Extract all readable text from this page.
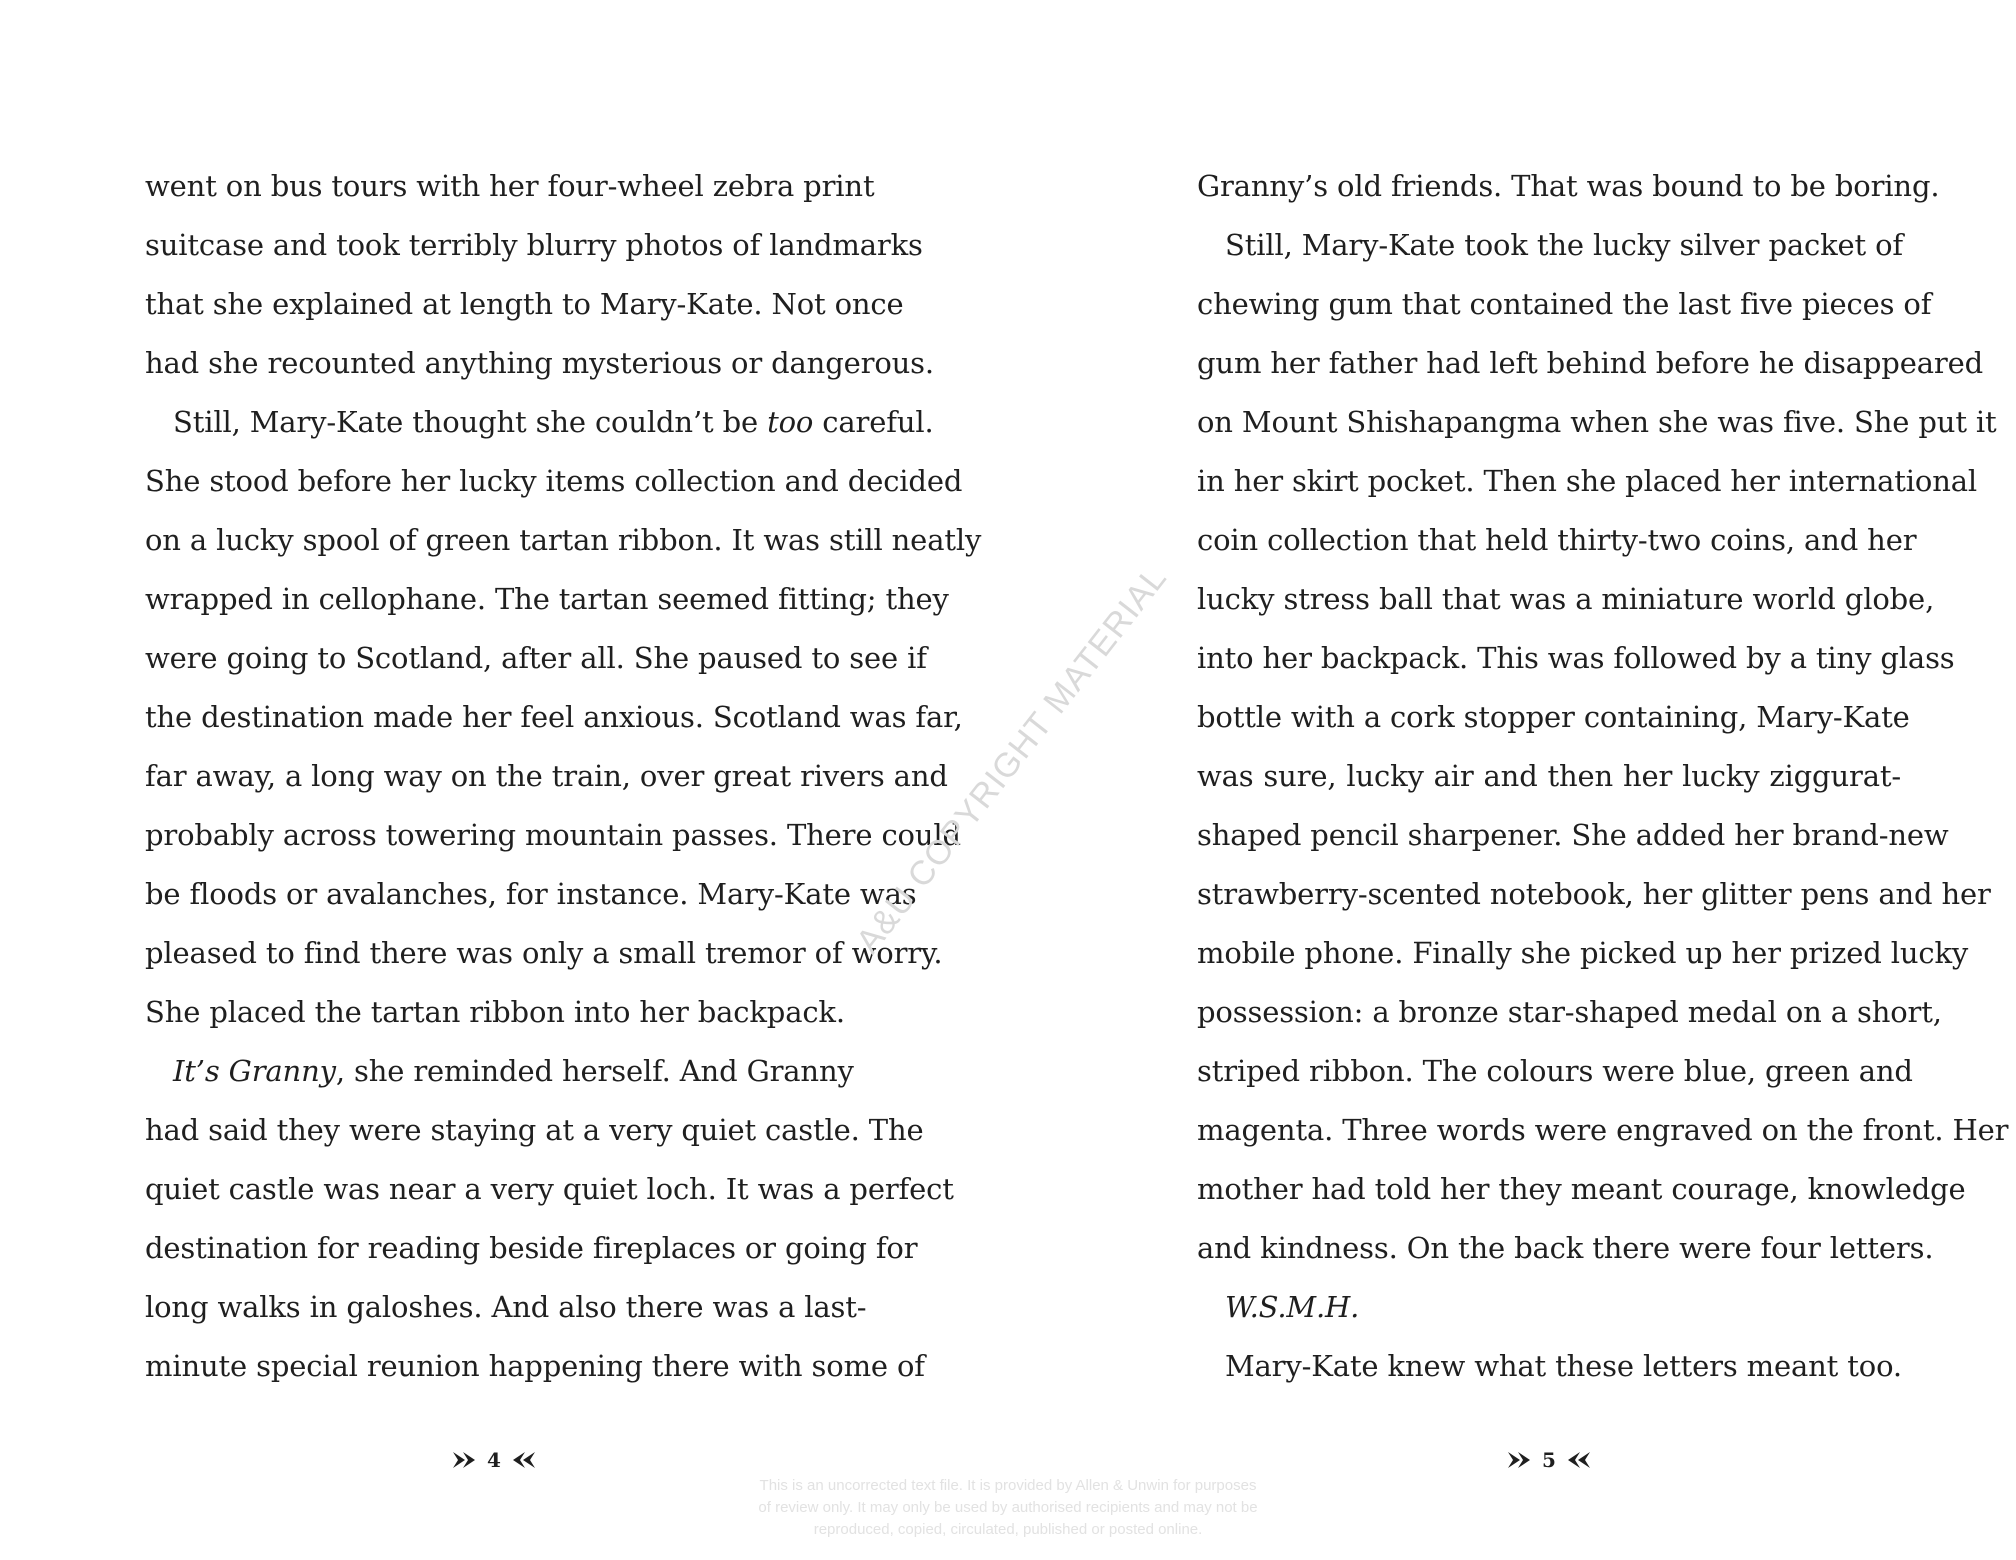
went on bus tours with her four-wheel zebra print
suitcase and took terribly blurry photos of landmarks
that she explained at length to Mary-Kate. Not once
had she recounted anything mysterious or dangerous.
Still, Mary-Kate thought she couldn’t be too careful.
She stood before her lucky items collection and decided
on a lucky spool of green tartan ribbon. It was still neatly
wrapped in cellophane. The tartan seemed fitting; they
were going to Scotland, after all. She paused to see if
the destination made her feel anxious. Scotland was far,
far away, a long way on the train, over great rivers and
probably across towering mountain passes. There could
be floods or avalanches, for instance. Mary-Kate was
pleased to find there was only a small tremor of worry.
She placed the tartan ribbon into her backpack.
It’s Granny, she reminded herself. And Granny
had said they were staying at a very quiet castle. The
quiet castle was near a very quiet loch. It was a perfect
destination for reading beside fireplaces or going for
long walks in galoshes. And also there was a last-
minute special reunion happening there with some of
4
Granny’s old friends. That was bound to be boring.
Still, Mary-Kate took the lucky silver packet of
chewing gum that contained the last five pieces of
gum her father had left behind before he disappeared
on Mount Shishapangma when she was five. She put it
in her skirt pocket. Then she placed her international
coin collection that held thirty-two coins, and her
lucky stress ball that was a miniature world globe,
into her backpack. This was followed by a tiny glass
bottle with a cork stopper containing, Mary-Kate
was sure, lucky air and then her lucky ziggurat-
shaped pencil sharpener. She added her brand-new
strawberry-scented notebook, her glitter pens and her
mobile phone. Finally she picked up her prized lucky
possession: a bronze star-shaped medal on a short,
striped ribbon. The colours were blue, green and
magenta. Three words were engraved on the front. Her
mother had told her they meant courage, knowledge
and kindness. On the back there were four letters.
W.S.M.H.
Mary-Kate knew what these letters meant too.
5
A&U COPYRIGHT MATERIAL
This is an uncorrected text file. It is provided by Allen & Unwin for purposes
of review only. It may only be used by authorised recipients and may not be
reproduced, copied, circulated, published or posted online.
